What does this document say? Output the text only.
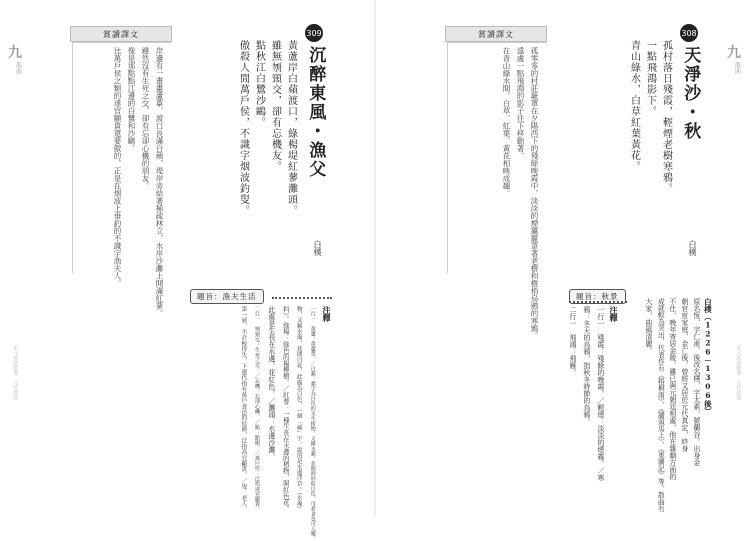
九
散曲
宋元詞曲精選　元代散曲
賞讀譯文
岸邊有一畫畫蘆葦，渡口長滿白蘋，堤岸旁結著稀疏林立，水岸沙灘上開滿紅蓼。
雖然沒有生死之交，卻有忘卻心機的朋友。
像是那點點江邊的白鷺和沙鷗。
比萬戶侯之類的達官顯貴還要傲的，正是在烟波上垂釣的不識字漁夫人。
309
沉醉東風・漁父
白樸
黃蘆岸白蘋渡口，綠楊堤紅蓼灘頭。
雖無刎頸交，卻有忘機友。
點秋江白鷺沙鷗。
傲殺人間萬戶侯，不識字烟波釣叟。
題旨：漁夫生活
注釋
一行一　黃蘆：黃蘆葦。／白蘋：蘋字為白色的水生植物，又稱水蘋，花開時形似白色，可煮食也可入藥。
物，又稱水藻，花開白花，此處為白色，一個「蘋」字，說的是水邊浮草。（水藻）
料）。綠楊：綠色的楊柳樹。／紅蓼：一種生長在水邊的植物，開紅色花。
此處是生長在水邊，花紅色。／灘頭：水邊沙灘。
二行一　刎頸交：生死之交。／忘機：忘卻心機。／點：點綴。／萬戶侯：泛指達官顯貴。
第一層，不計較得失，下邊代指有萬戶食邑的侯爵，泛指高官顯貴。／叟：老人。
賞讀譯文
孤零零的村莊籠罩在夕陽西下的殘餘晚霞中，淡淡的煙靄籠罩著老樹和樹梢烏鴉的寒鴉。
遠處一點飛鴻的影子往下移動著。
在青山綠水間，白草、紅葉、黃花相映成趣。
308
天淨沙・秋
白樸
孤村落日殘霞，輕煙老樹寒鴉。
一點飛鴻影下。
青山綠水，白草紅葉黃花。	九
散曲
白樸（1226－1306後）
原名恆，字仁甫，後改名樸，字太素，號蘭谷。出身金
朝官宦家庭，金亡後，曾經又居於元代真定，終身
不仕，晚年寄居金陵，雖已與元朝廷相處，他在雜劇方面的
成就較為突出，代表作有《梧桐雨》、《牆頭馬上》、《東牆記》等。散曲有
大家，曲風清麗。
題旨：秋景
注釋
一行一　殘霞：殘餘的晚霞。／輕煙：淡淡的煙霧。／寒
鴉：冬天的烏鴉，指秋冬時節的烏鴉。
二行一　飛鴻：飛雁。	宋元詞曲精選　元代散曲
